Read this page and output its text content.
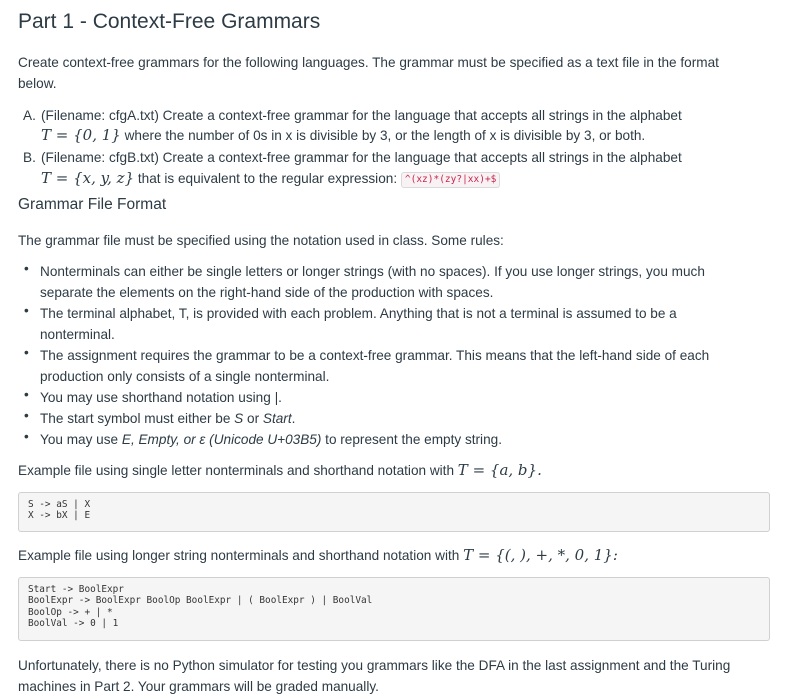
Part 1 - Context-Free Grammars
Create context-free grammars for the following languages. The grammar must be specified as a text file in the format
below.
A. (Filename: cfgA.txt) Create a context-free grammar for the language that accepts all strings in the alphabet
T = {0, 1} where the number of 0s in x is divisible by 3, or the length of x is divisible by 3, or both.
B. (Filename: cfgB.txt) Create a context-free grammar for the language that accepts all strings in the alphabet
T = {x, y, z} that is equivalent to the regular expression: ^(xz)*(zy?|xx)+$
Grammar File Format
The grammar file must be specified using the notation used in class. Some rules:
• Nonterminals can either be single letters or longer strings (with no spaces). If you use longer strings, you much
separate the elements on the right-hand side of the production with spaces.
• The terminal alphabet, T, is provided with each problem. Anything that is not a terminal is assumed to be a
nonterminal.
• The assignment requires the grammar to be a context-free grammar. This means that the left-hand side of each
production only consists of a single nonterminal.
• You may use shorthand notation using |.
• The start symbol must either be S or Start.
• You may use E, Empty, or ε (Unicode U+03B5) to represent the empty string.
Example file using single letter nonterminals and shorthand notation with T = {a, b}.
S -> aS | X
X -> bX | E
Example file using longer string nonterminals and shorthand notation with T = {(, ), +, *, 0, 1}:
Start -> BoolExpr
BoolExpr -> BoolExpr BoolOp BoolExpr | ( BoolExpr ) | BoolVal
BoolOp -> + | *
BoolVal -> 0 | 1
Unfortunately, there is no Python simulator for testing you grammars like the DFA in the last assignment and the Turing
machines in Part 2. Your grammars will be graded manually.
